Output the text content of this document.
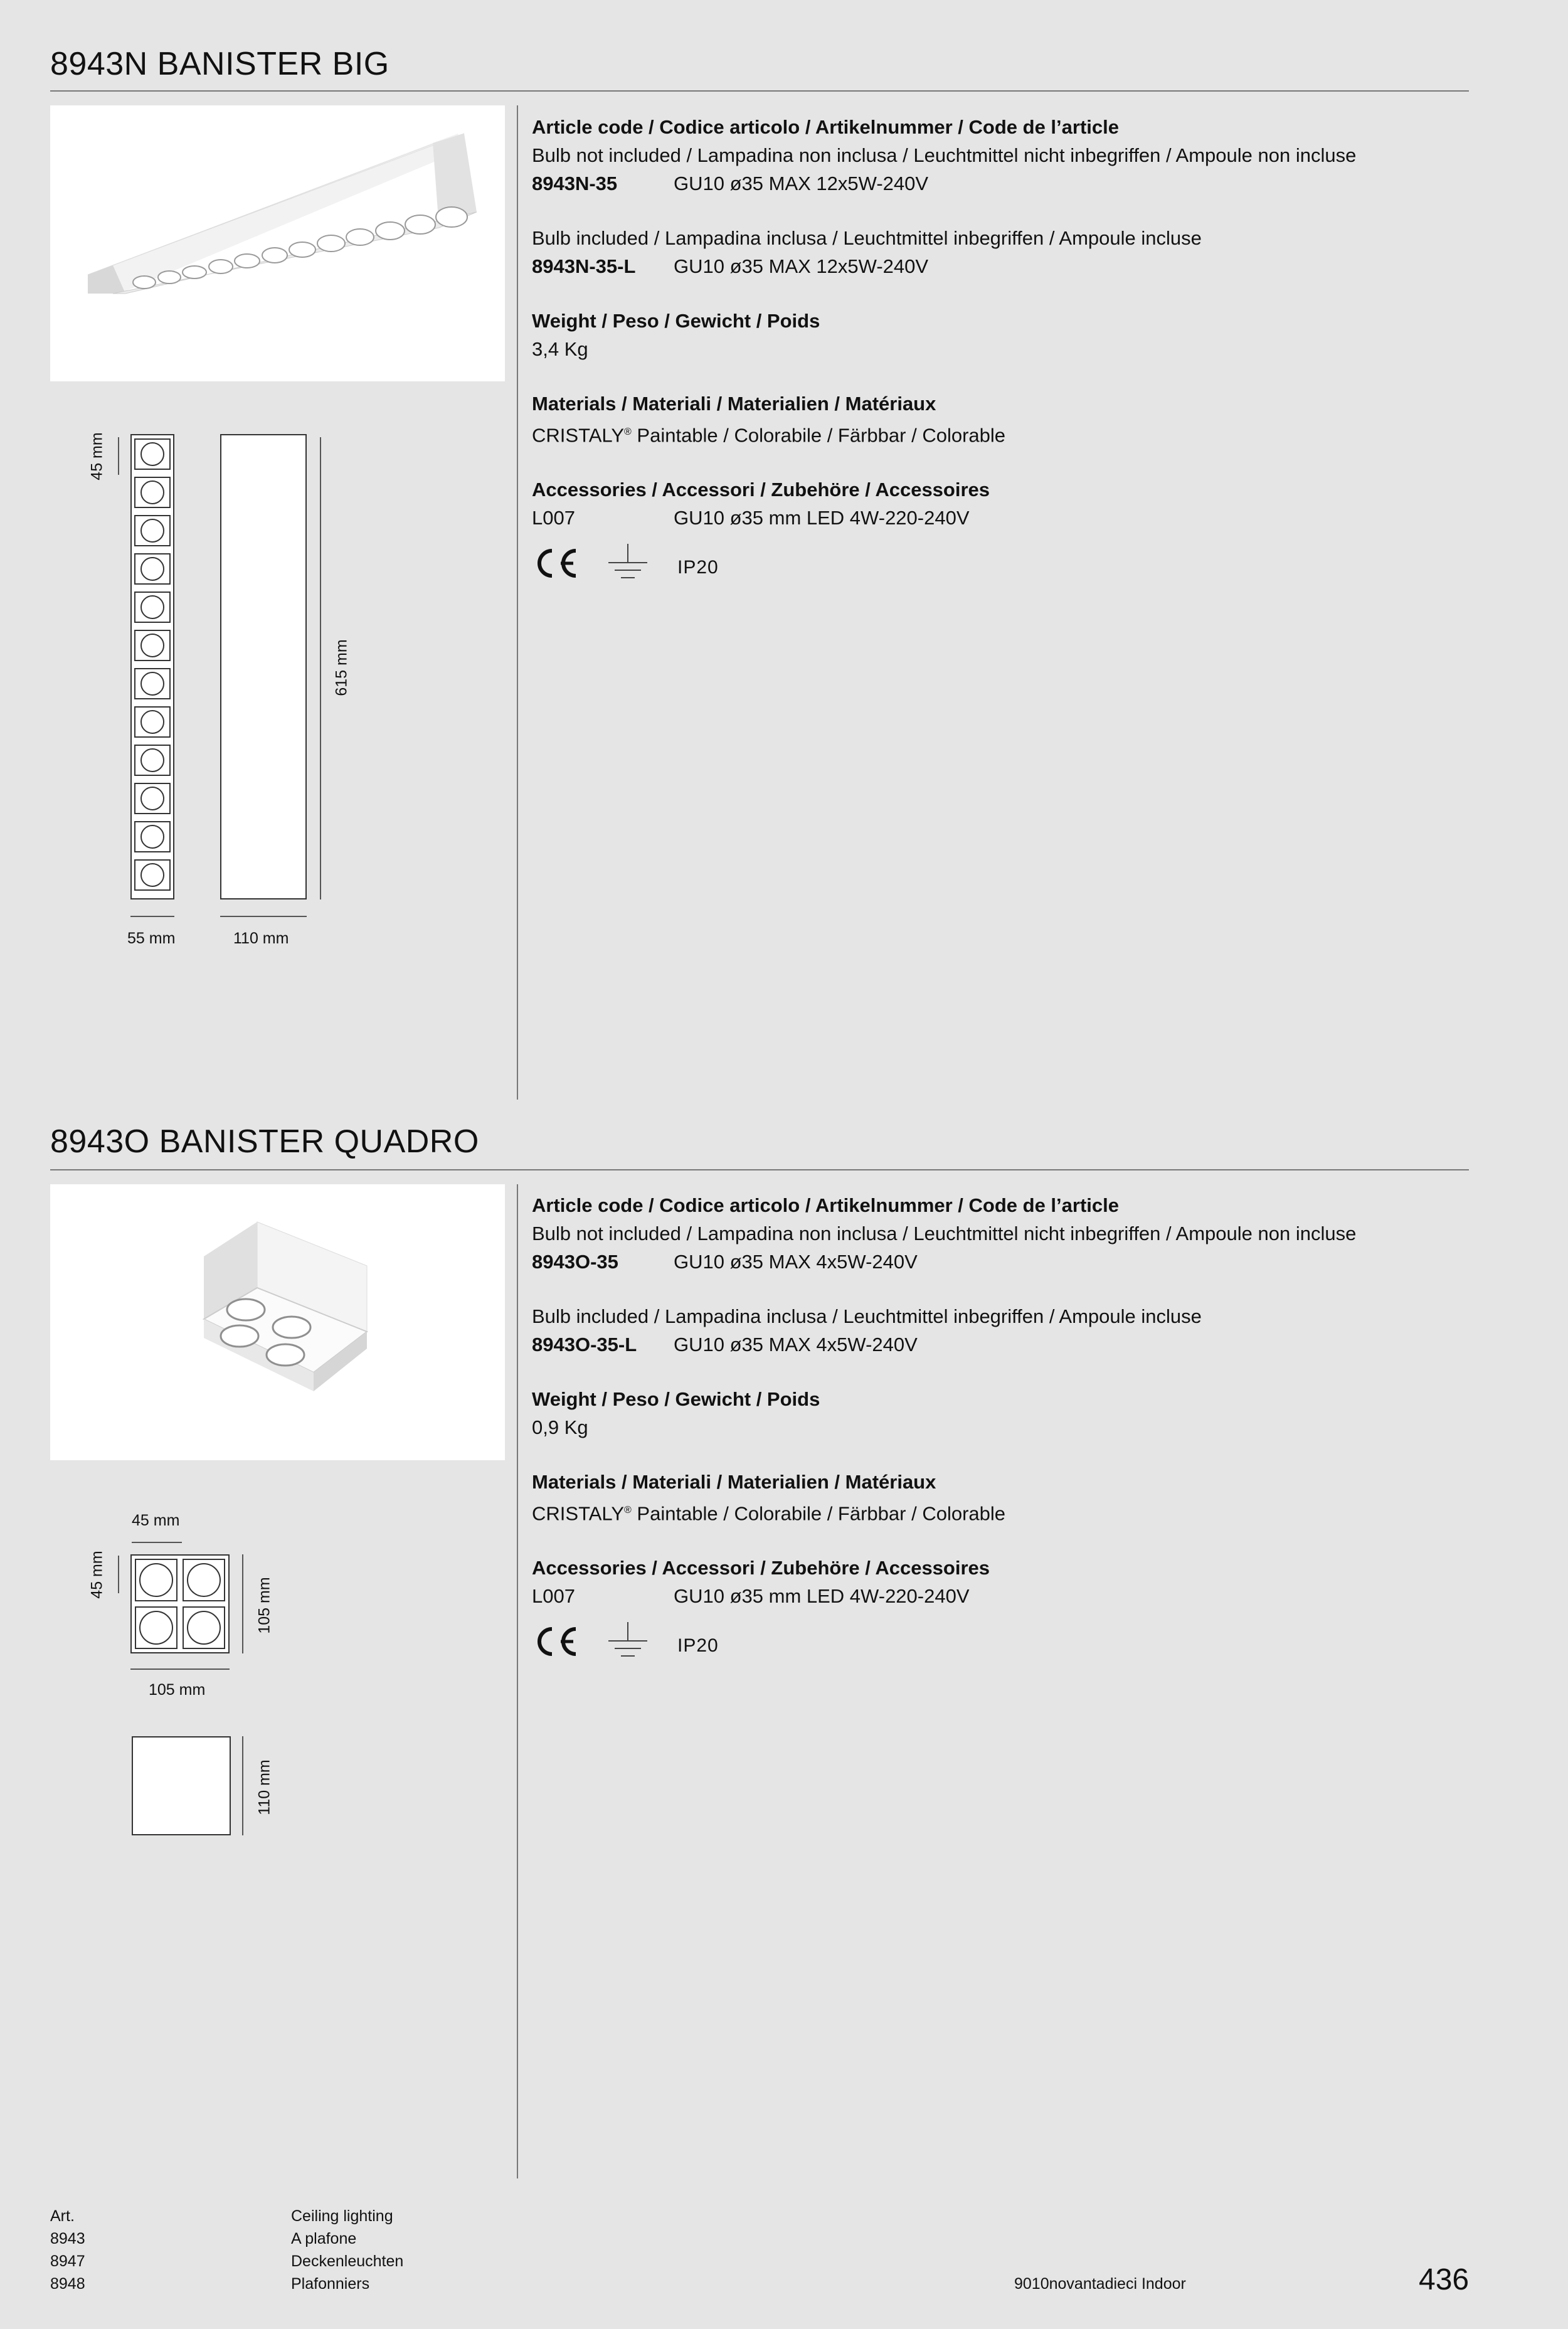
8943N BANISTER BIG
45 mm
615 mm
55 mm	110 mm
Article code / Codice articolo / Artikelnummer / Code de l’article
Bulb not included / Lampadina non inclusa / Leuchtmittel nicht inbegriffen / Ampoule non incluse
8943N-35	GU10 ø35 MAX 12x5W-240V
Bulb included / Lampadina inclusa / Leuchtmittel inbegriffen / Ampoule incluse
8943N-35-L GU10 ø35 MAX 12x5W-240V
Weight / Peso / Gewicht / Poids
3,4 Kg
Materials / Materiali / Materialien / Matériaux
CRISTALY® Paintable / Colorabile / Färbbar / Colorable
Accessories / Accessori / Zubehöre / Accessoires
L007	GU10 ø35 mm LED 4W-220-240V
IP20
8943O BANISTER QUADRO
45 mm
45 mm
105 mm
105 mm
110 mm
Article code / Codice articolo / Artikelnummer / Code de l’article
Bulb not included / Lampadina non inclusa / Leuchtmittel nicht inbegriffen / Ampoule non incluse
8943O-35	GU10 ø35 MAX 4x5W-240V
Bulb included / Lampadina inclusa / Leuchtmittel inbegriffen / Ampoule incluse
8943O-35-L GU10 ø35 MAX 4x5W-240V
Weight / Peso / Gewicht / Poids
0,9 Kg
Materials / Materiali / Materialien / Matériaux
CRISTALY® Paintable / Colorabile / Färbbar / Colorable
Accessories / Accessori / Zubehöre / Accessoires
L007	GU10 ø35 mm LED 4W-220-240V
IP20
Art.
8943
8947
8948
Ceiling lighting
A plafone
Deckenleuchten
Plafonniers	9010novantadieci Indoor	436
